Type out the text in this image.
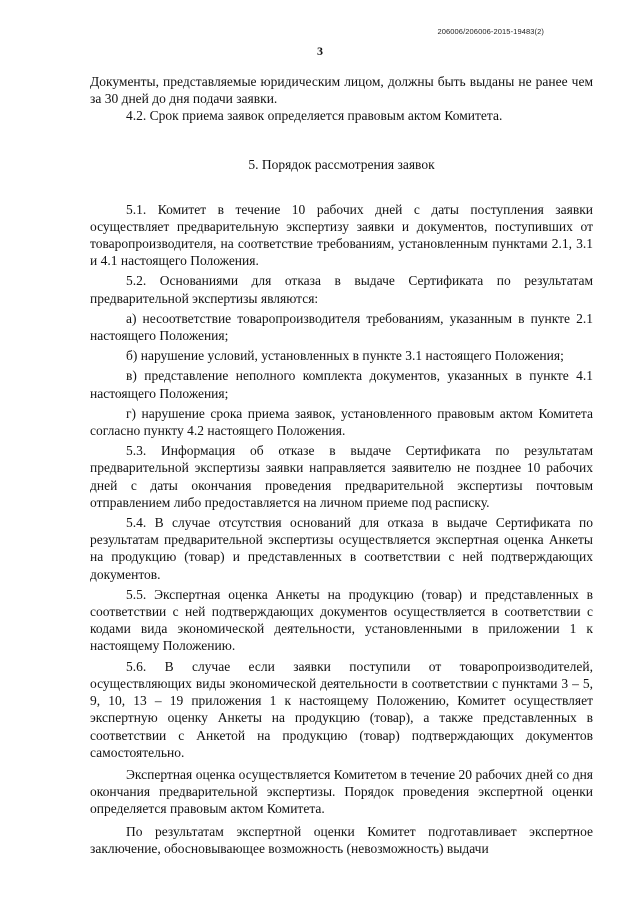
206006/206006-2015-19483(2)
3

Документы, представляемые юридическим лицом, должны быть выданы не ранее чем за 30 дней до дня подачи заявки.

4.2. Срок приема заявок определяется правовым актом Комитета.

5. Порядок рассмотрения заявок

5.1. Комитет в течение 10 рабочих дней с даты поступления заявки осуществляет предварительную экспертизу заявки и документов, поступивших от товаропроизводителя, на соответствие требованиям, установленным пунктами 2.1, 3.1 и 4.1 настоящего Положения.

5.2. Основаниями для отказа в выдаче Сертификата по результатам предварительной экспертизы являются:

а) несоответствие товаропроизводителя требованиям, указанным в пункте 2.1 настоящего Положения;

б) нарушение условий, установленных в пункте 3.1 настоящего Положения;

в) представление неполного комплекта документов, указанных в пункте 4.1 настоящего Положения;

г) нарушение срока приема заявок, установленного правовым актом Комитета согласно пункту 4.2 настоящего Положения.

5.3. Информация об отказе в выдаче Сертификата по результатам предварительной экспертизы заявки направляется заявителю не позднее 10 рабочих дней с даты окончания проведения предварительной экспертизы почтовым отправлением либо предоставляется на личном приеме под расписку.

5.4. В случае отсутствия оснований для отказа в выдаче Сертификата по результатам предварительной экспертизы осуществляется экспертная оценка Анкеты на продукцию (товар) и представленных в соответствии с ней подтверждающих документов.

5.5. Экспертная оценка Анкеты на продукцию (товар) и представленных в соответствии с ней подтверждающих документов осуществляется в соответствии с кодами вида экономической деятельности, установленными в приложении 1 к настоящему Положению.

5.6. В случае если заявки поступили от товаропроизводителей, осуществляющих виды экономической деятельности в соответствии с пунктами 3 – 5, 9, 10, 13 – 19 приложения 1 к настоящему Положению, Комитет осуществляет экспертную оценку Анкеты на продукцию (товар), а также представленных в соответствии с Анкетой на продукцию (товар) подтверждающих документов самостоятельно.

Экспертная оценка осуществляется Комитетом в течение 20 рабочих дней со дня окончания предварительной экспертизы. Порядок проведения экспертной оценки определяется правовым актом Комитета.

По результатам экспертной оценки Комитет подготавливает экспертное заключение, обосновывающее возможность (невозможность) выдачи
